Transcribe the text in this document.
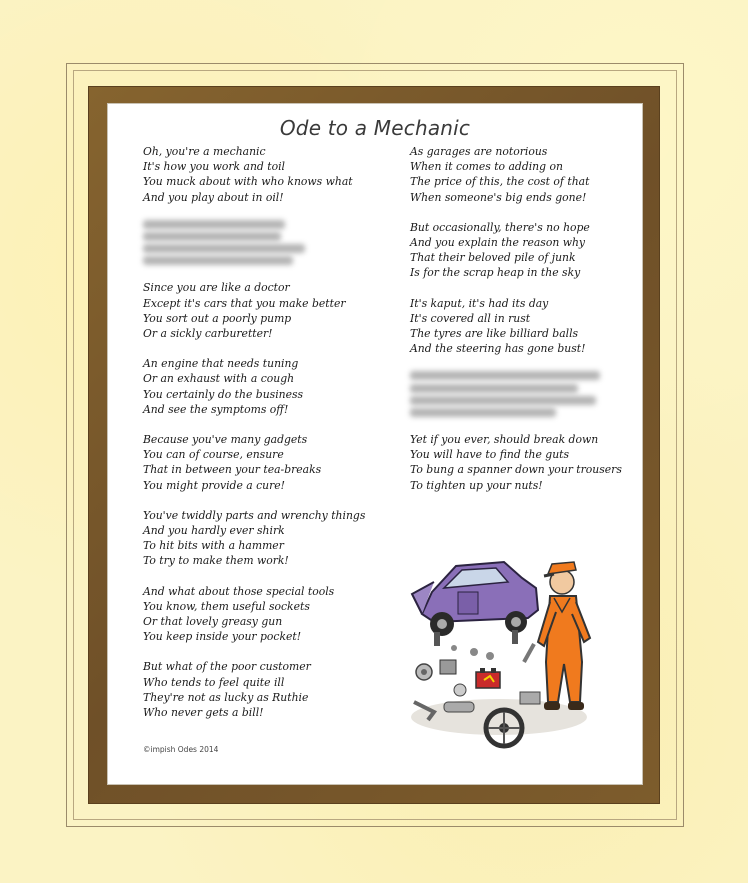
Ode to a Mechanic
Oh, you're a mechanic
It's how you work and toil
You muck about with who knows what
And you play about in oil!
Since you are like a doctor
Except it's cars that you make better
You sort out a poorly pump
Or a sickly carburetter!
An engine that needs tuning
Or an exhaust with a cough
You certainly do the business
And see the symptoms off!
Because you've many gadgets
You can of course, ensure
That in between your tea-breaks
You might provide a cure!
You've twiddly parts and wrenchy things
And you hardly ever shirk
To hit bits with a hammer
To try to make them work!
And what about those special tools
You know, them useful sockets
Or that lovely greasy gun
You keep inside your pocket!
But what of the poor customer
Who tends to feel quite ill
They're not as lucky as Ruthie
Who never gets a bill!
As garages are notorious
When it comes to adding on
The price of this, the cost of that
When someone's big ends gone!
But occasionally, there's no hope
And you explain the reason why
That their beloved pile of junk
Is for the scrap heap in the sky
It's kaput, it's had its day
It's covered all in rust
The tyres are like billiard balls
And the steering has gone bust!
Yet if you ever, should break down
You will have to find the guts
To bung a spanner down your trousers
To tighten up your nuts!
©impish Odes 2014
